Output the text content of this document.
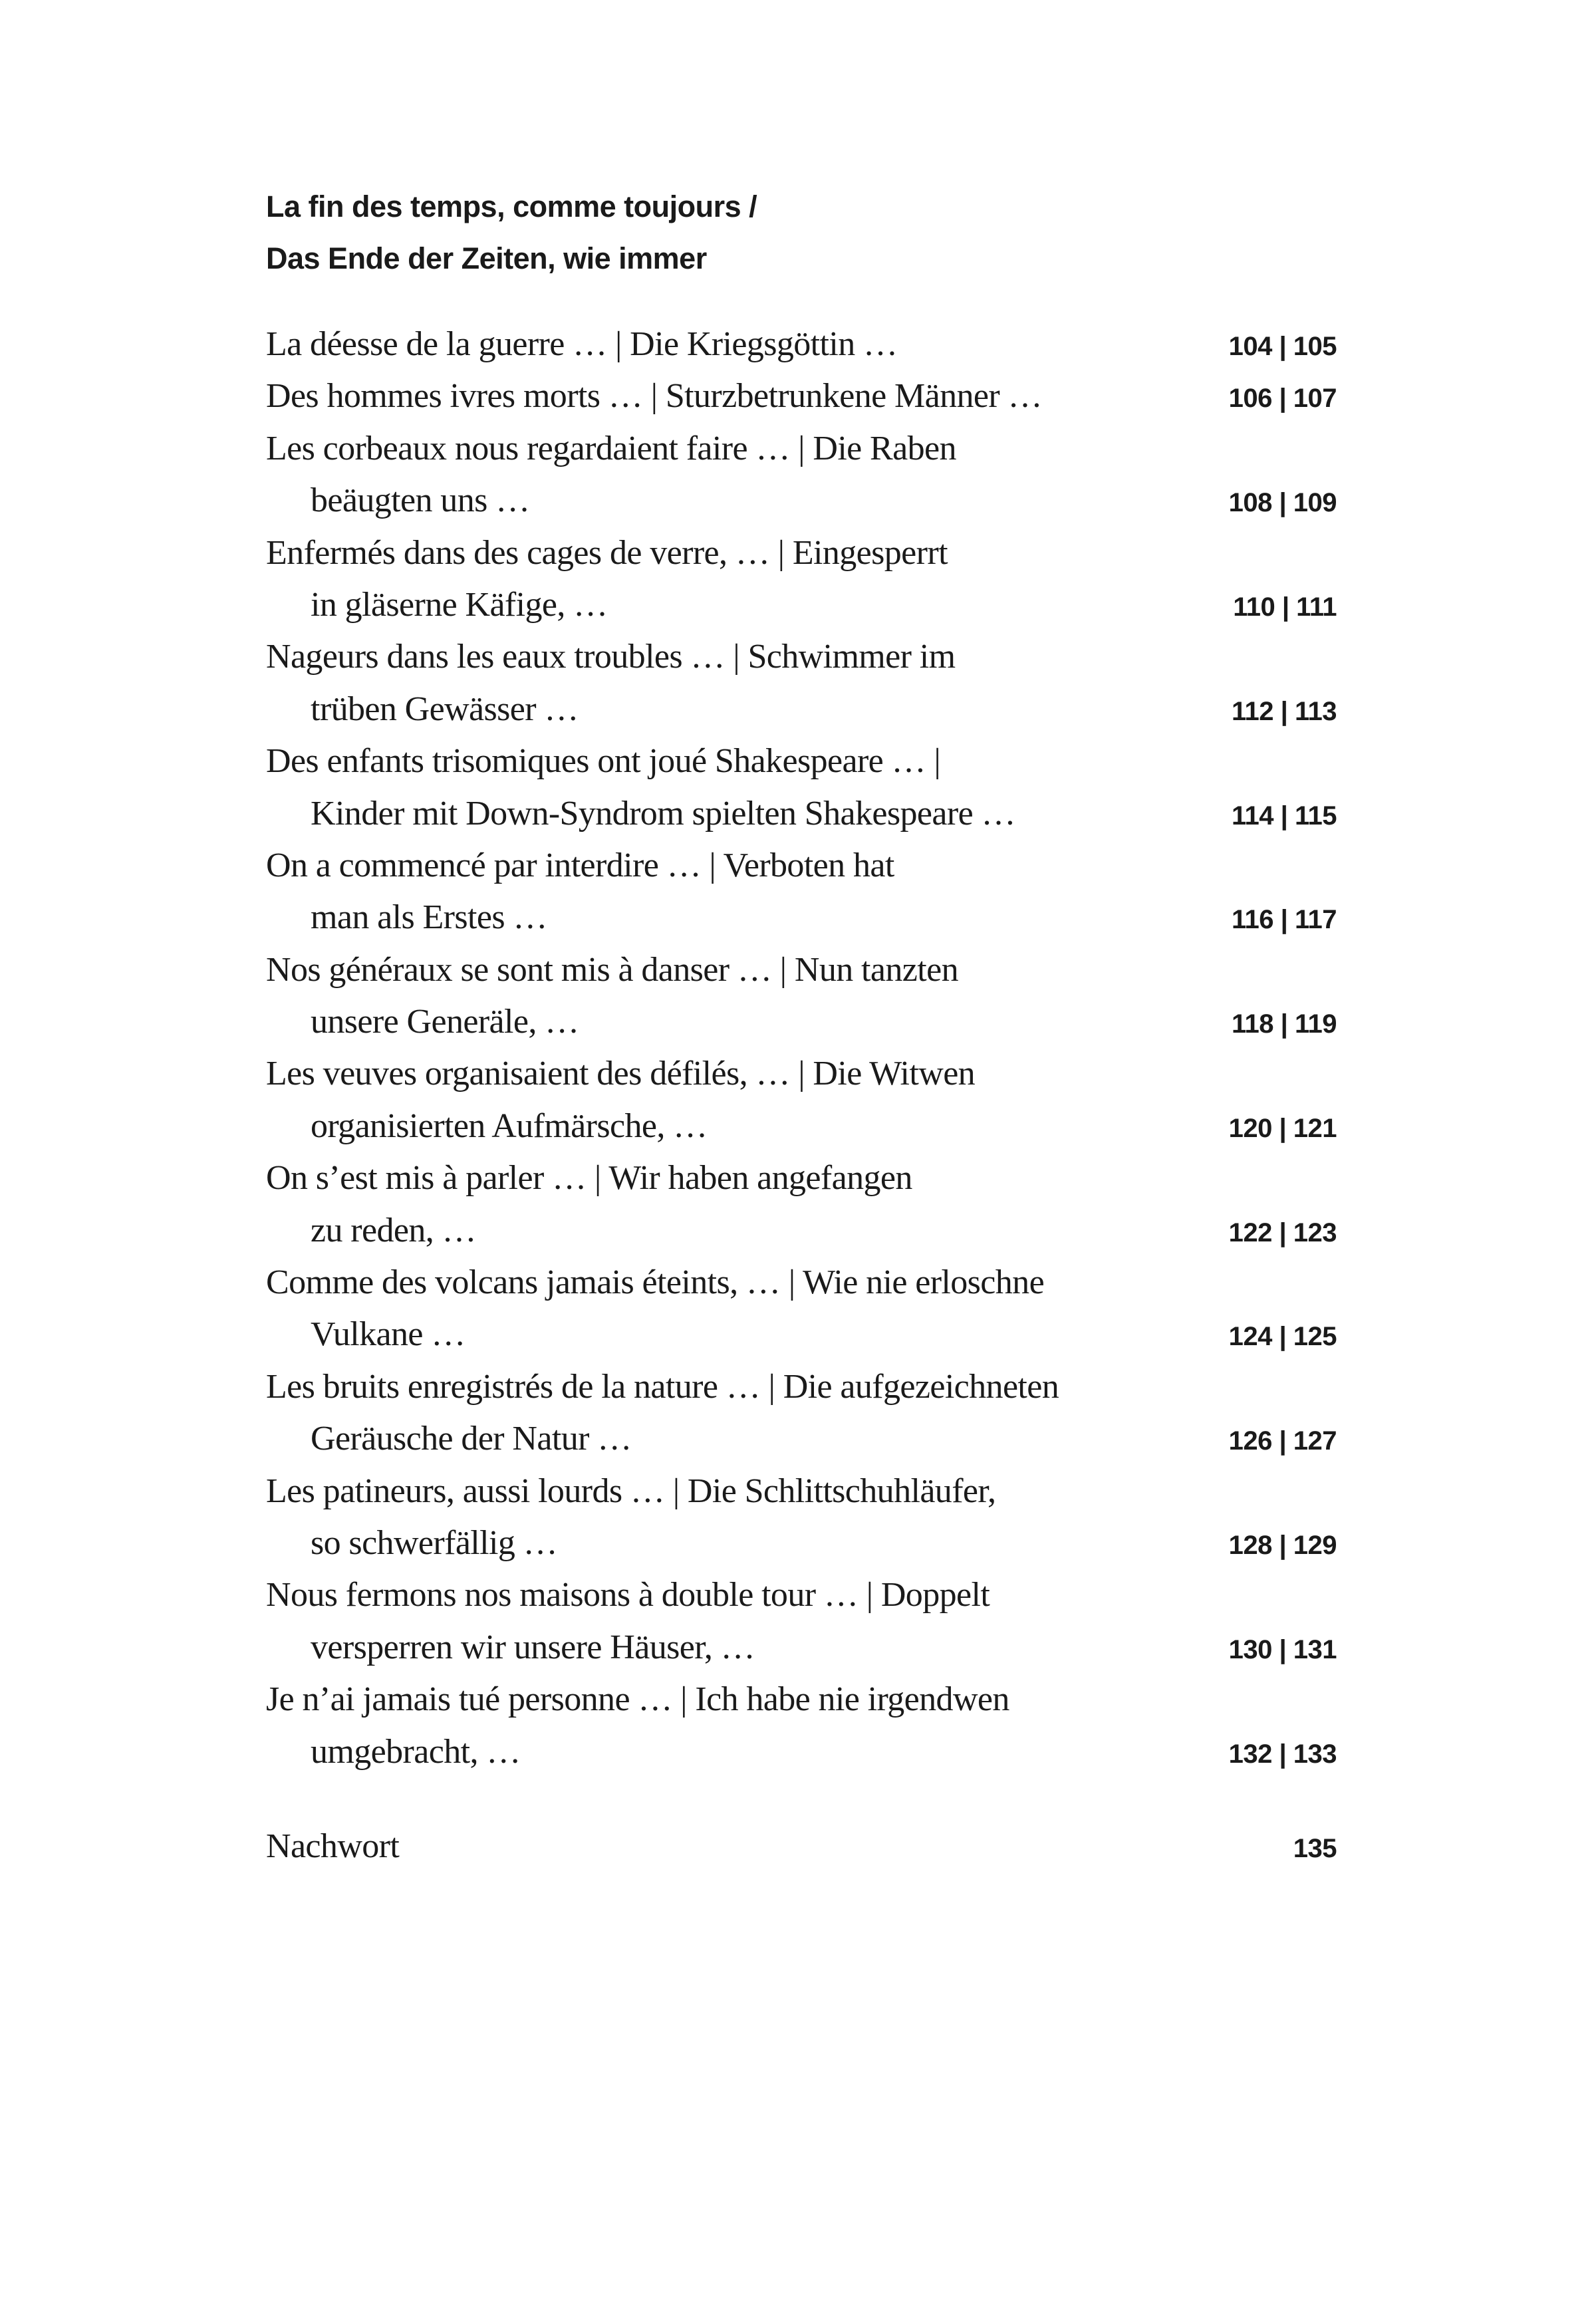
La fin des temps, comme toujours /
Das Ende der Zeiten, wie immer
La déesse de la guerre … | Die Kriegsgöttin …	104 | 105
Des hommes ivres morts … | Sturzbetrunkene Männer …	106 | 107
Les corbeaux nous regardaient faire … | Die Raben
beäugten uns …	108 | 109
Enfermés dans des cages de verre, … | Eingesperrt
in gläserne Käfige, …	110 | 111
Nageurs dans les eaux troubles … | Schwimmer im
trüben Gewässer …	112 | 113
Des enfants trisomiques ont joué Shakespeare … |
Kinder mit Down-Syndrom spielten Shakespeare …	114 | 115
On a commencé par interdire … | Verboten hat
man als Erstes …	116 | 117
Nos généraux se sont mis à danser … | Nun tanzten
unsere Generäle, …	118 | 119
Les veuves organisaient des défilés, … | Die Witwen
organisierten Aufmärsche, …	120 | 121
On s’est mis à parler … | Wir haben angefangen
zu reden, …	122 | 123
Comme des volcans jamais éteints, … | Wie nie erloschne
Vulkane …	124 | 125
Les bruits enregistrés de la nature … | Die aufgezeichneten
Geräusche der Natur …	126 | 127
Les patineurs, aussi lourds … | Die Schlittschuhläufer,
so schwerfällig …	128 | 129
Nous fermons nos maisons à double tour … | Doppelt
versperren wir unsere Häuser, …	130 | 131
Je n’ai jamais tué personne … | Ich habe nie irgendwen
umgebracht, …	132 | 133
Nachwort	135
